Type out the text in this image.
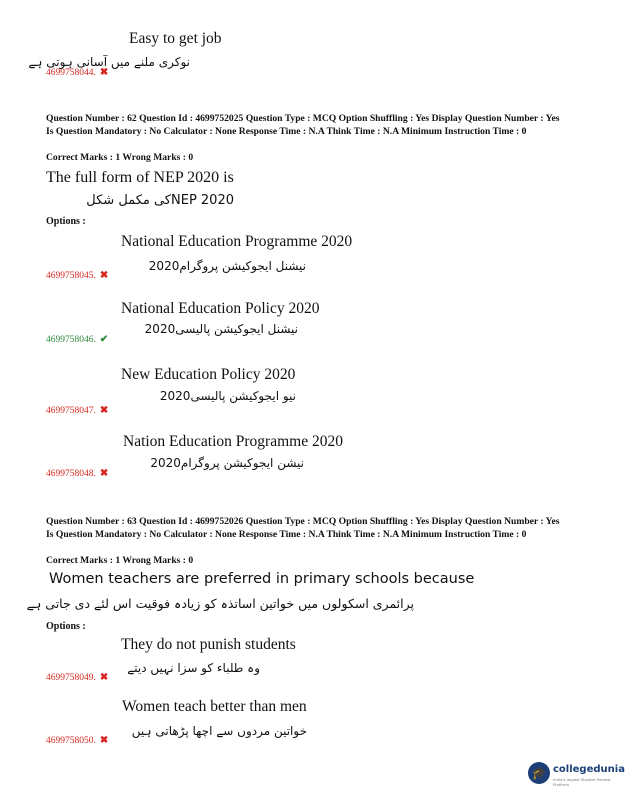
Easy to get job
نوکری ملنے میں آسانی ہوتی ہے
4699758044. ✖
Question Number : 62 Question Id : 4699752025 Question Type : MCQ Option Shuffling : Yes Display Question Number : Yes Is Question Mandatory : No Calculator : None Response Time : N.A Think Time : N.A Minimum Instruction Time : 0
Correct Marks : 1 Wrong Marks : 0
The full form of NEP 2020 is
NEP 2020کی مکمل شکل
Options :
National Education Programme 2020
نیشنل ایجوکیشن پروگرام2020
4699758045. ✖
National Education Policy 2020
نیشنل ایجوکیشن پالیسی2020
4699758046. ✔
New Education Policy 2020
نیو ایجوکیشن پالیسی2020
4699758047. ✖
Nation Education Programme 2020
نیشن ایجوکیشن پروگرام2020
4699758048. ✖
Question Number : 63 Question Id : 4699752026 Question Type : MCQ Option Shuffling : Yes Display Question Number : Yes Is Question Mandatory : No Calculator : None Response Time : N.A Think Time : N.A Minimum Instruction Time : 0
Correct Marks : 1 Wrong Marks : 0
Women teachers are preferred in primary schools because
پرائمری اسکولوں میں خواتین اساتذہ کو زیادہ فوقیت اس لئے دی جاتی ہے
Options :
They do not punish students
وہ طلباء کو سزا نہیں دیتے
4699758049. ✖
Women teach better than men
خواتین مردوں سے اچھا پڑھاتی ہیں
4699758050. ✖
🎓 collegedunia
India's largest Student Review Platform
